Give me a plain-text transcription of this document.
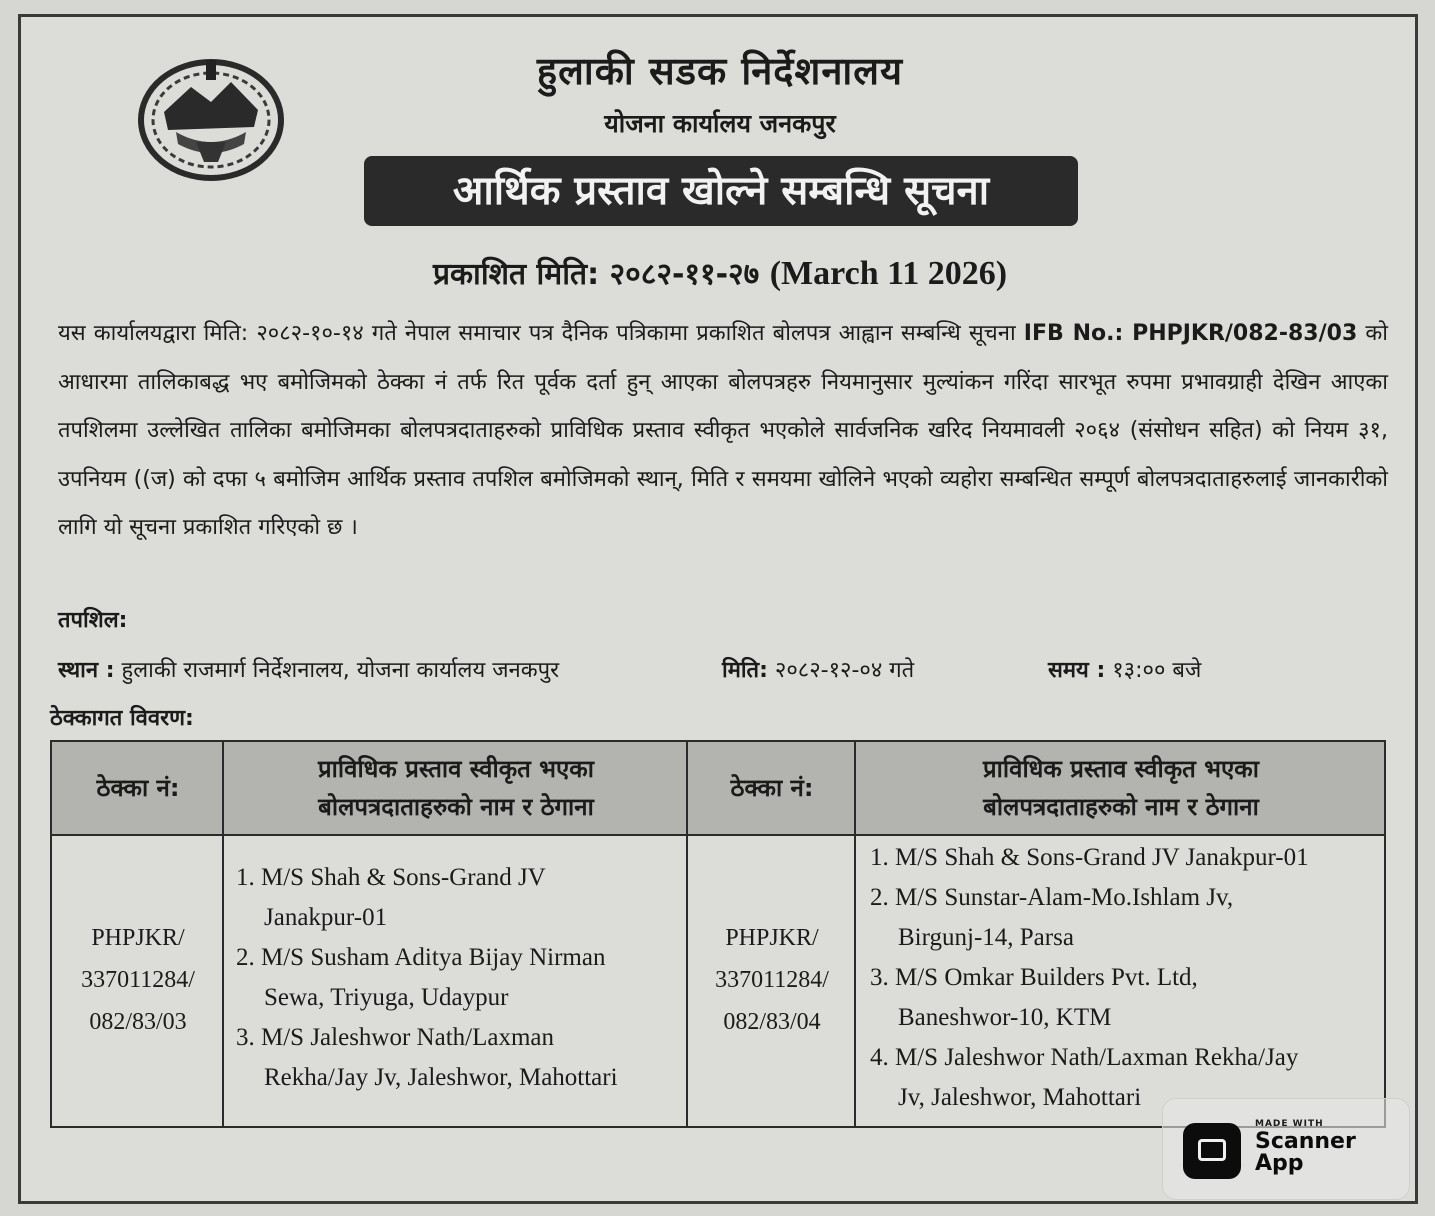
हुलाकी सडक निर्देशनालय
योजना कार्यालय जनकपुर
आर्थिक प्रस्ताव खोल्ने सम्बन्धि सूचना
प्रकाशित मिति: २०८२-११-२७ (March 11 2026)
यस कार्यालयद्वारा मिति: २०८२-१०-१४ गते नेपाल समाचार पत्र दैनिक पत्रिकामा प्रकाशित बोलपत्र आह्वान सम्बन्धि सूचना IFB No.: PHPJKR/082-83/03 को आधारमा तालिकाबद्ध भए बमोजिमको ठेक्का नं तर्फ रित पूर्वक दर्ता हुन् आएका बोलपत्रहरु नियमानुसार मुल्यांकन गरिंदा सारभूत रुपमा प्रभावग्राही देखिन आएका तपशिलमा उल्लेखित तालिका बमोजिमका बोलपत्रदाताहरुको प्राविधिक प्रस्ताव स्वीकृत भएकोले सार्वजनिक खरिद नियमावली २०६४ (संसोधन सहित) को नियम ३१, उपनियम ((ज) को दफा ५ बमोजिम आर्थिक प्रस्ताव तपशिल बमोजिमको स्थान्, मिति र समयमा खोलिने भएको व्यहोरा सम्बन्धित सम्पूर्ण बोलपत्रदाताहरुलाई जानकारीको लागि यो सूचना प्रकाशित गरिएको छ ।
तपशिल:
स्थान : हुलाकी राजमार्ग निर्देशनालय, योजना कार्यालय जनकपुर	मिति: २०८२-१२-०४ गते	समय : १३:०० बजे
ठेक्कागत विवरण:
ठेक्का नं:
प्राविधिक प्रस्ताव स्वीकृत भएका
बोलपत्रदाताहरुको नाम र ठेगाना
ठेक्का नं:
प्राविधिक प्रस्ताव स्वीकृत भएका
बोलपत्रदाताहरुको नाम र ठेगाना
PHPJKR/
337011284/
082/83/03
1. M/S Shah & Sons-Grand JV
Janakpur-01
2. M/S Susham Aditya Bijay Nirman
Sewa, Triyuga, Udaypur
3. M/S Jaleshwor Nath/Laxman
Rekha/Jay Jv, Jaleshwor, Mahottari
PHPJKR/
337011284/
082/83/04
1. M/S Shah & Sons-Grand JV Janakpur-01
2. M/S Sunstar-Alam-Mo.Ishlam Jv,
Birgunj-14, Parsa
3. M/S Omkar Builders Pvt. Ltd,
Baneshwor-10, KTM
4. M/S Jaleshwor Nath/Laxman Rekha/Jay
Jv, Jaleshwor, Mahottari
MADE WITH
Scanner
App
